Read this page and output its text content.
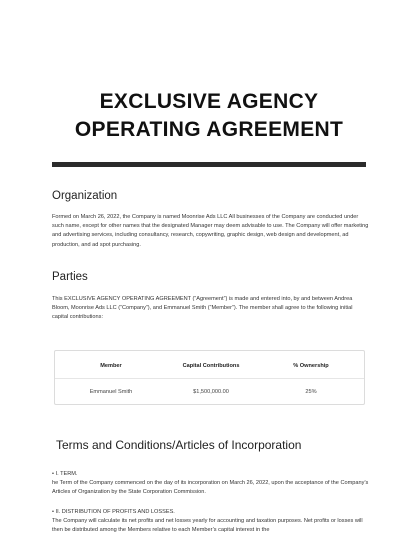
EXCLUSIVE AGENCY
OPERATING AGREEMENT
Organization
Formed on March 26, 2022, the Company is named Moonrise Ads LLC All businesses of the Company are conducted under such name, except for other names that the designated Manager may deem advisable to use. The Company will offer marketing and advertising services, including consultancy, research, copywriting, graphic design, web design and development, ad production, and ad spot purchasing.
Parties
This EXCLUSIVE AGENCY OPERATING AGREEMENT (“Agreement”) is made and entered into, by and between Andrea Bloom, Moonrise Ads LLC (“Company”), and Emmanuel Smith (“Member”). The member shall agree to the following initial capital contributions:
Member	Capital Contributions	% Ownership
Emmanuel Smith	$1,500,000.00	25%
Terms and Conditions/Articles of Incorporation
• I. TERM.
he Term of the Company commenced on the day of its incorporation on March 26, 2022, upon the acceptance of the Company’s Articles of Organization by the State Corporation Commission.
• II. DISTRIBUTION OF PROFITS AND LOSSES.
The Company will calculate its net profits and net losses yearly for accounting and taxation purposes. Net profits or losses will then be distributed among the Members relative to each Member’s capital interest in the
